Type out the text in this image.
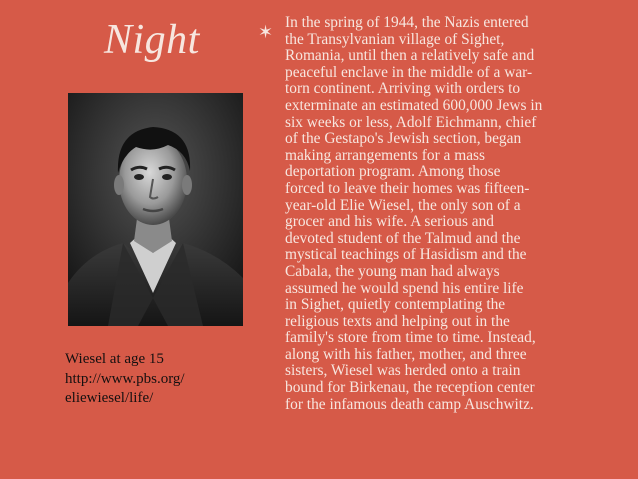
Night
Wiesel at age 15
http://www.pbs.org/
eliewiesel/life/
✶ In the spring of 1944, the Nazis entered
the Transylvanian village of Sighet,
Romania, until then a relatively safe and
peaceful enclave in the middle of a war-
torn continent. Arriving with orders to
exterminate an estimated 600,000 Jews in
six weeks or less, Adolf Eichmann, chief
of the Gestapo's Jewish section, began
making arrangements for a mass
deportation program. Among those
forced to leave their homes was fifteen-
year-old Elie Wiesel, the only son of a
grocer and his wife. A serious and
devoted student of the Talmud and the
mystical teachings of Hasidism and the
Cabala, the young man had always
assumed he would spend his entire life
in Sighet, quietly contemplating the
religious texts and helping out in the
family's store from time to time. Instead,
along with his father, mother, and three
sisters, Wiesel was herded onto a train
bound for Birkenau, the reception center
for the infamous death camp Auschwitz.
